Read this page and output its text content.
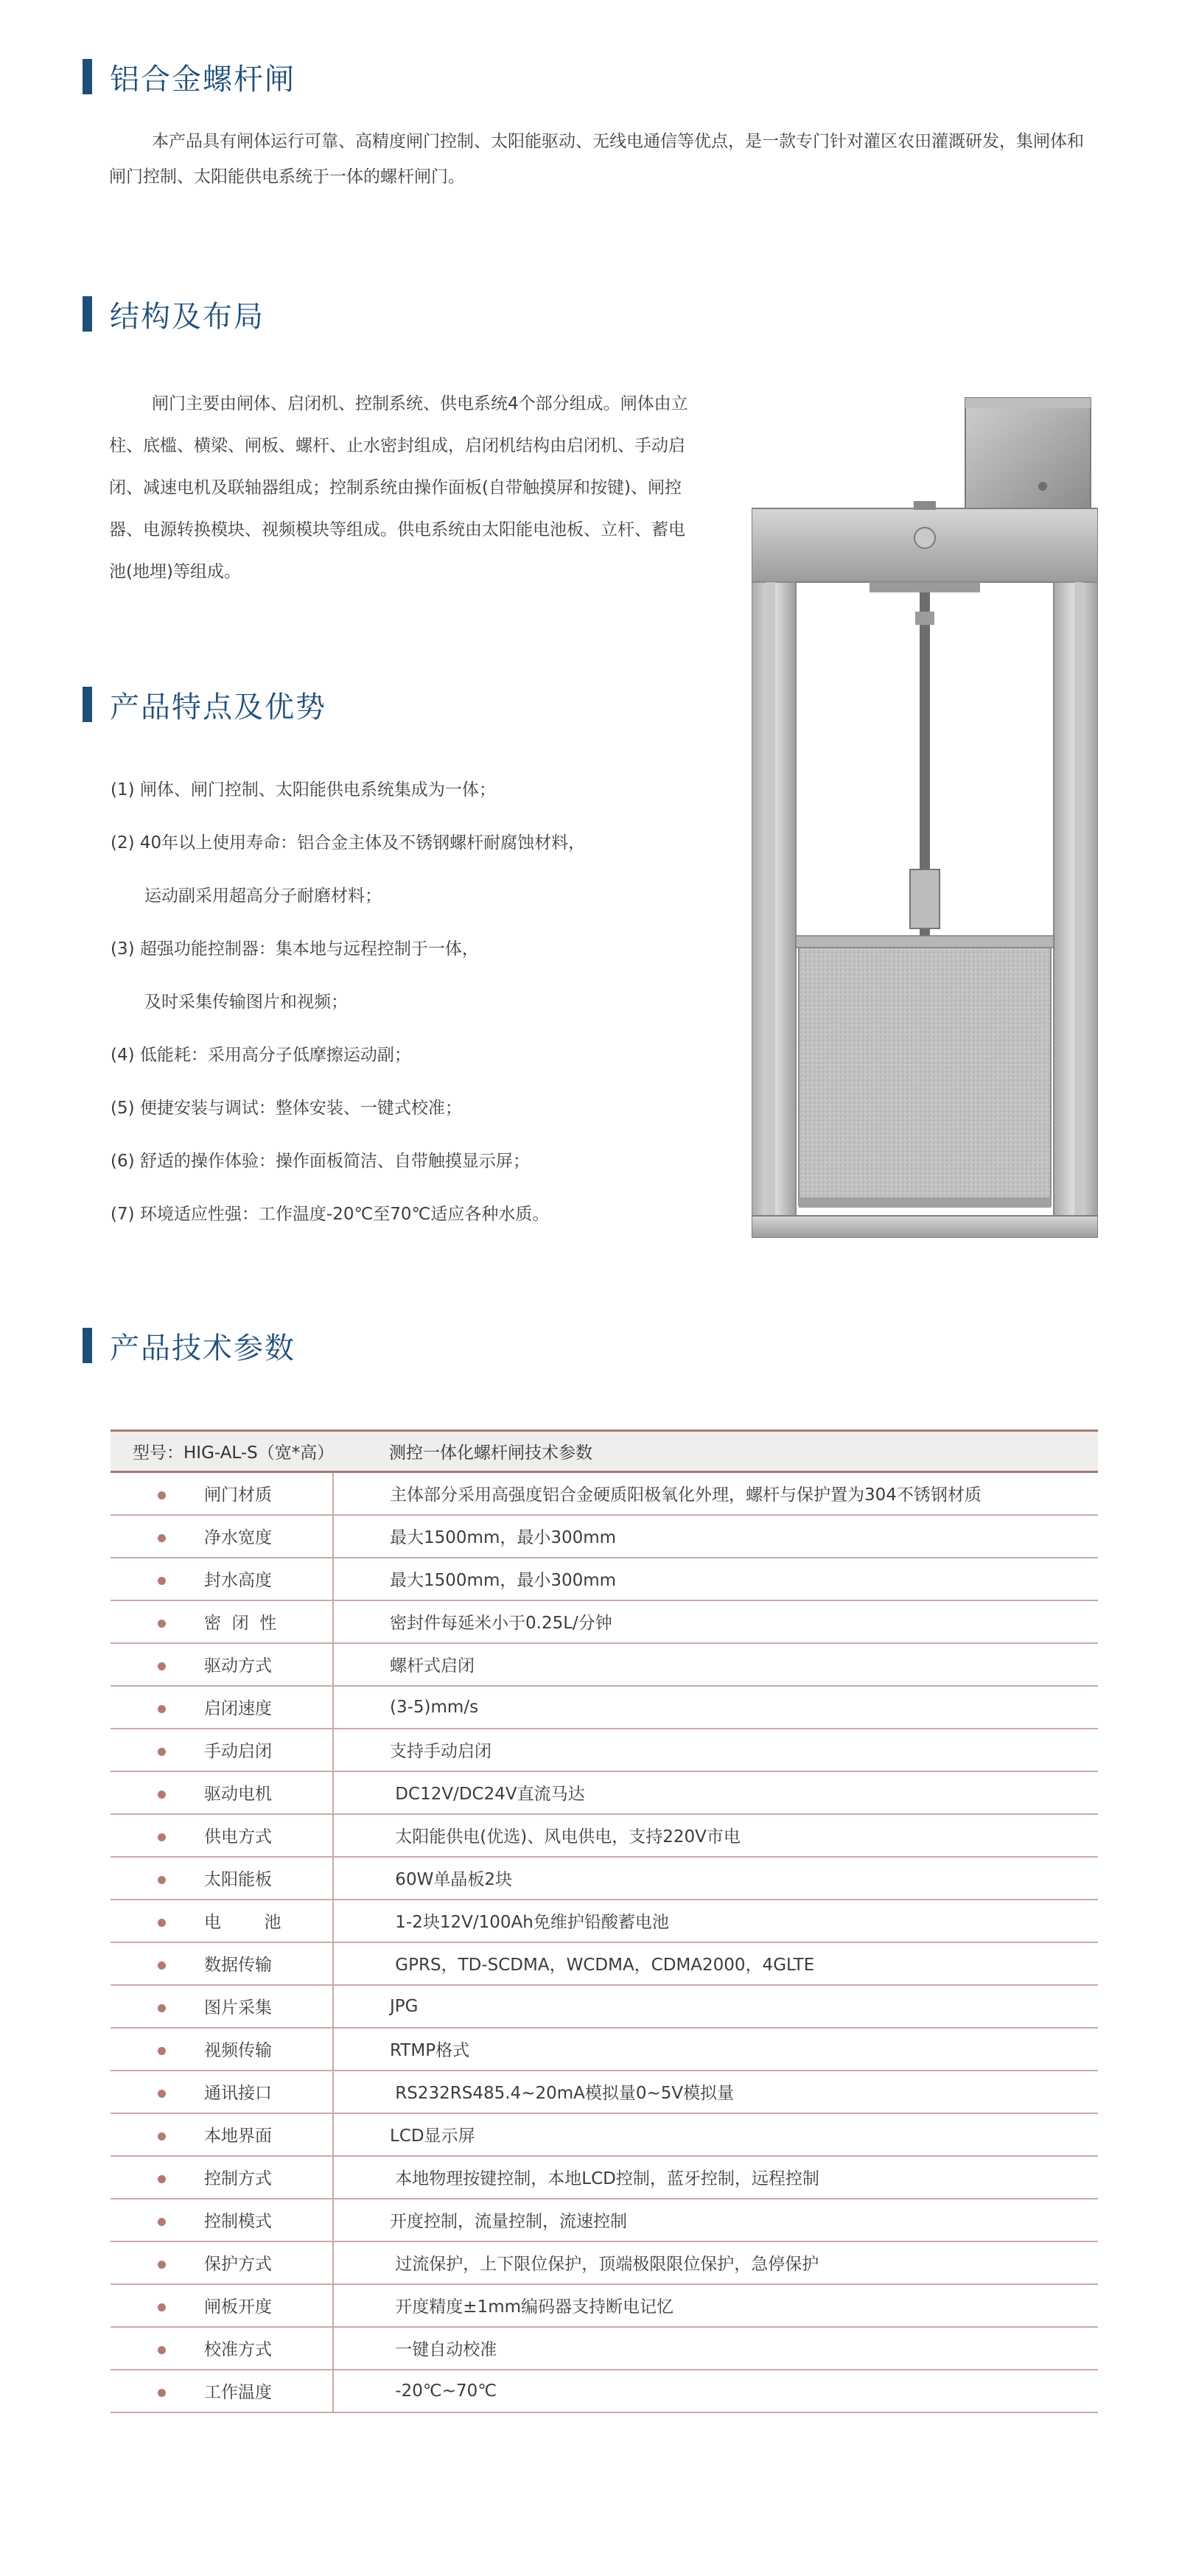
铝合金螺杆闸
本产品具有闸体运行可靠、高精度闸门控制、太阳能驱动、无线电通信等优点，是一款专门针对灌区农田灌溉研发，集闸体和闸门控制、太阳能供电系统于一体的螺杆闸门。
结构及布局
闸门主要由闸体、启闭机、控制系统、供电系统4个部分组成。闸体由立柱、底槛、横梁、闸板、螺杆、止水密封组成，启闭机结构由启闭机、手动启闭、减速电机及联轴器组成；控制系统由操作面板(自带触摸屏和按键)、闸控器、电源转换模块、视频模块等组成。供电系统由太阳能电池板、立杆、蓄电池(地埋)等组成。
产品特点及优势
(1) 闸体、闸门控制、太阳能供电系统集成为一体；
(2) 40年以上使用寿命：铝合金主体及不锈钢螺杆耐腐蚀材料，
运动副采用超高分子耐磨材料；
(3) 超强功能控制器：集本地与远程控制于一体，
及时采集传输图片和视频；
(4) 低能耗：采用高分子低摩擦运动副；
(5) 便捷安装与调试：整体安装、一键式校准；
(6) 舒适的操作体验：操作面板简洁、自带触摸显示屏；
(7) 环境适应性强：工作温度-20℃至70℃适应各种水质。
产品技术参数
型号：HIG-AL-S（宽*高）	测控一体化螺杆闸技术参数
闸门材质	主体部分采用高强度铝合金硬质阳极氧化外理，螺杆与保护置为304不锈钢材质
净水宽度	最大1500mm，最小300mm
封水高度	最大1500mm，最小300mm
密  闭  性	密封件每延米小于0.25L/分钟
驱动方式	螺杆式启闭
启闭速度	(3-5)mm/s
手动启闭	支持手动启闭
驱动电机	DC12V/DC24V直流马达
供电方式	太阳能供电(优选)、风电供电，支持220V市电
太阳能板	60W单晶板2块
电        池	1-2块12V/100Ah免维护铅酸蓄电池
数据传输	GPRS，TD-SCDMA，WCDMA，CDMA2000，4GLTE
图片采集	JPG
视频传输	RTMP格式
通讯接口	RS232RS485.4~20mA模拟量0~5V模拟量
本地界面	LCD显示屏
控制方式	本地物理按键控制，本地LCD控制，蓝牙控制，远程控制
控制模式	开度控制，流量控制，流速控制
保护方式	过流保护，上下限位保护，顶端极限限位保护，急停保护
闸板开度	开度精度±1mm编码器支持断电记忆
校准方式	一键自动校准
工作温度	-20℃~70℃
